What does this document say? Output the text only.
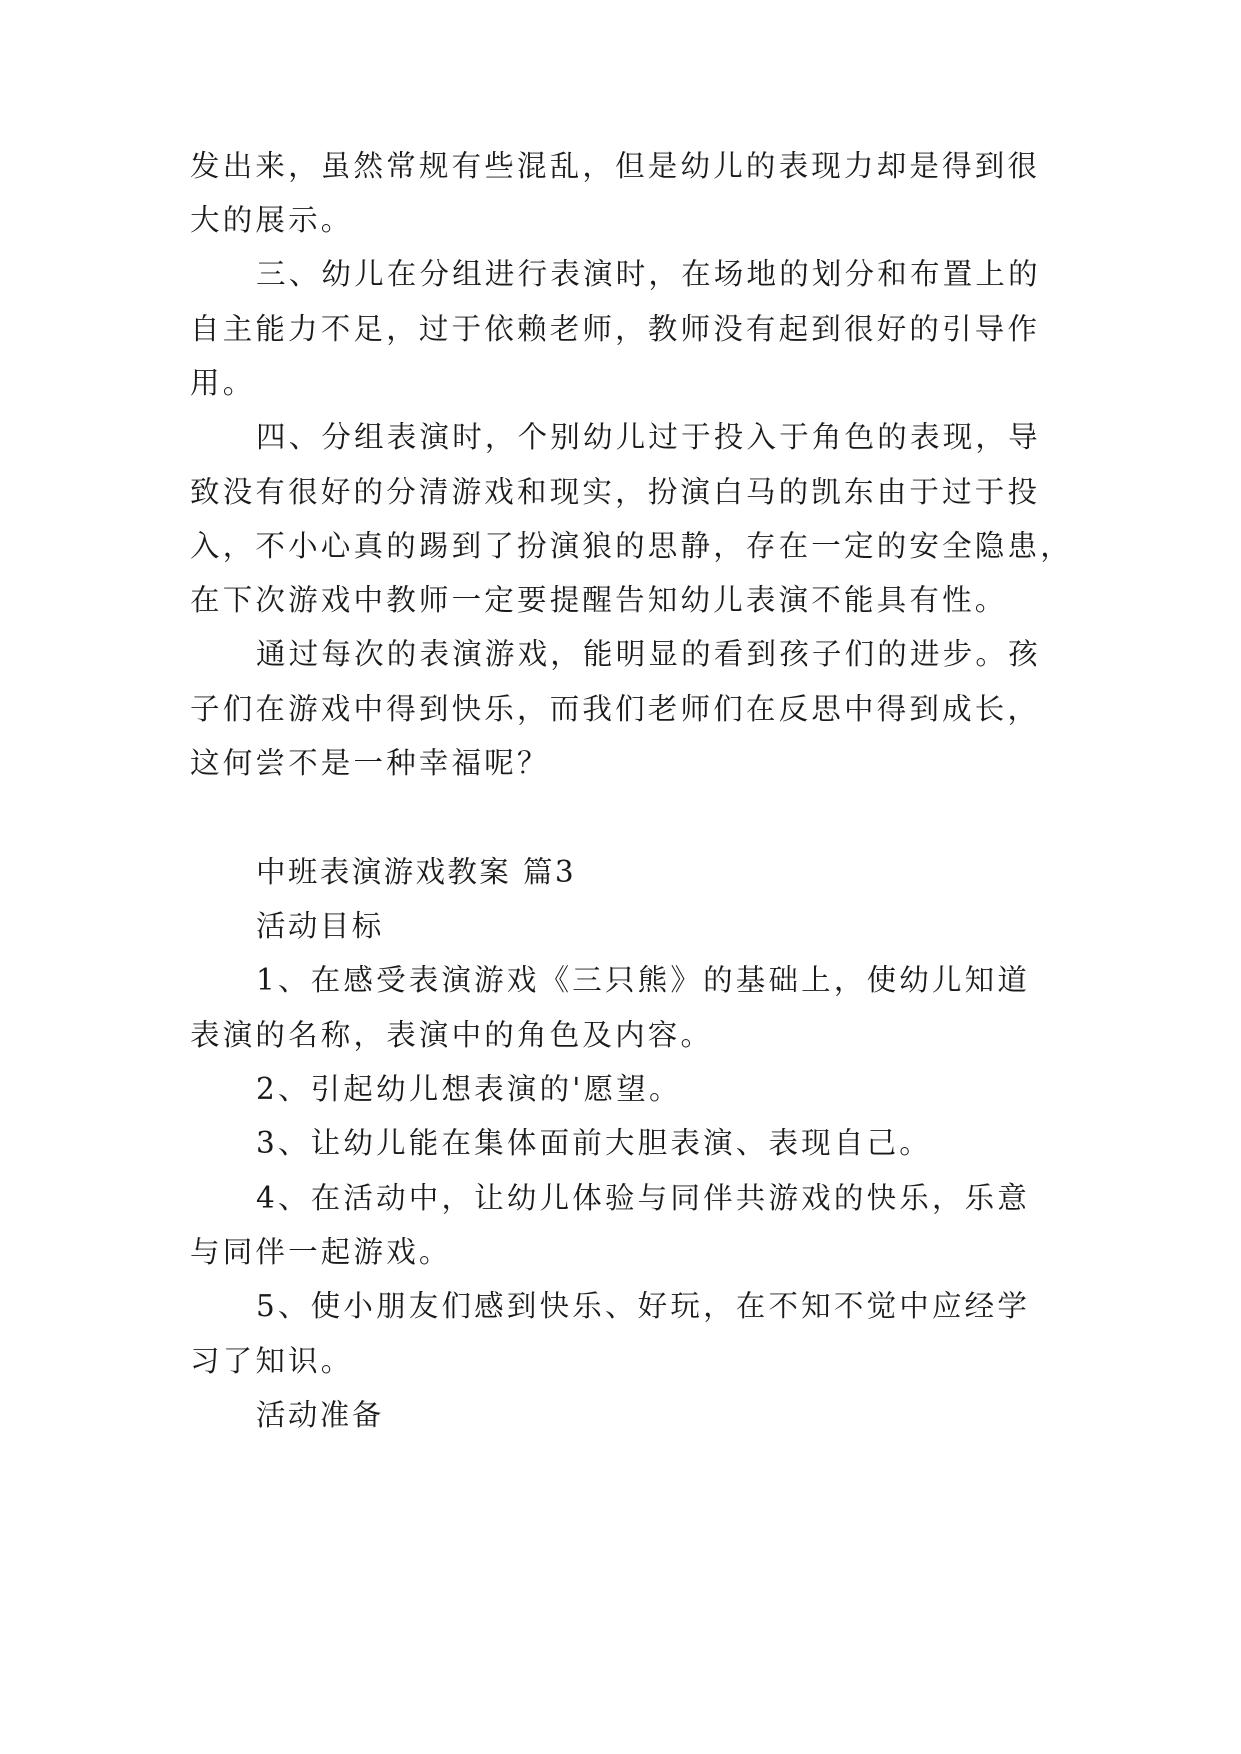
发出来，虽然常规有些混乱，但是幼儿的表现力却是得到很
大的展示。
三、幼儿在分组进行表演时，在场地的划分和布置上的
自主能力不足，过于依赖老师，教师没有起到很好的引导作
用。
四、分组表演时，个别幼儿过于投入于角色的表现，导
致没有很好的分清游戏和现实，扮演白马的凯东由于过于投
入，不小心真的踢到了扮演狼的思静，存在一定的安全隐患，
在下次游戏中教师一定要提醒告知幼儿表演不能具有性。
通过每次的表演游戏，能明显的看到孩子们的进步。孩
子们在游戏中得到快乐，而我们老师们在反思中得到成长，
这何尝不是一种幸福呢？
中班表演游戏教案 篇3
活动目标
1、在感受表演游戏《三只熊》的基础上，使幼儿知道
表演的名称，表演中的角色及内容。
2、引起幼儿想表演的'愿望。
3、让幼儿能在集体面前大胆表演、表现自己。
4、在活动中，让幼儿体验与同伴共游戏的快乐，乐意
与同伴一起游戏。
5、使小朋友们感到快乐、好玩，在不知不觉中应经学
习了知识。
活动准备
